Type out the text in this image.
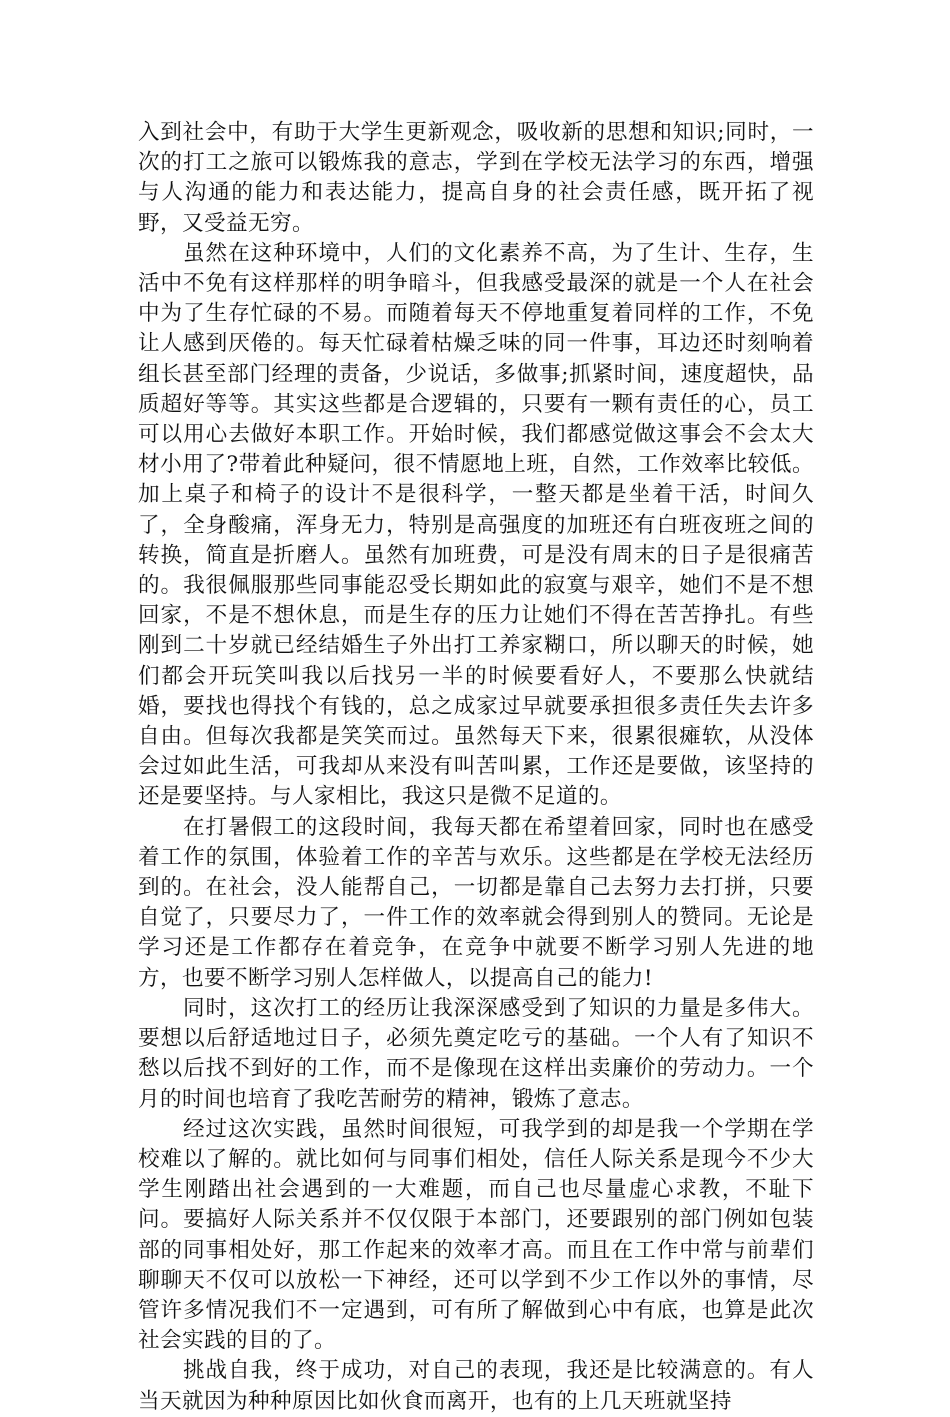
入到社会中，有助于大学生更新观念，吸收新的思想和知识;同时，一次的打工之旅可以锻炼我的意志，学到在学校无法学习的东西，增强与人沟通的能力和表达能力，提高自身的社会责任感，既开拓了视野，又受益无穷。

虽然在这种环境中，人们的文化素养不高，为了生计、生存，生活中不免有这样那样的明争暗斗，但我感受最深的就是一个人在社会中为了生存忙碌的不易。而随着每天不停地重复着同样的工作，不免让人感到厌倦的。每天忙碌着枯燥乏味的同一件事，耳边还时刻响着组长甚至部门经理的责备，少说话，多做事;抓紧时间，速度超快，品质超好等等。其实这些都是合逻辑的，只要有一颗有责任的心，员工可以用心去做好本职工作。开始时候，我们都感觉做这事会不会太大材小用了?带着此种疑问，很不情愿地上班，自然，工作效率比较低。加上桌子和椅子的设计不是很科学，一整天都是坐着干活，时间久了，全身酸痛，浑身无力，特别是高强度的加班还有白班夜班之间的转换，简直是折磨人。虽然有加班费，可是没有周末的日子是很痛苦的。我很佩服那些同事能忍受长期如此的寂寞与艰辛，她们不是不想回家，不是不想休息，而是生存的压力让她们不得在苦苦挣扎。有些刚到二十岁就已经结婚生子外出打工养家糊口，所以聊天的时候，她们都会开玩笑叫我以后找另一半的时候要看好人，不要那么快就结婚，要找也得找个有钱的，总之成家过早就要承担很多责任失去许多自由。但每次我都是笑笑而过。虽然每天下来，很累很瘫软，从没体会过如此生活，可我却从来没有叫苦叫累，工作还是要做，该坚持的还是要坚持。与人家相比，我这只是微不足道的。

在打暑假工的这段时间，我每天都在希望着回家，同时也在感受着工作的氛围，体验着工作的辛苦与欢乐。这些都是在学校无法经历到的。在社会，没人能帮自己，一切都是靠自己去努力去打拼，只要自觉了，只要尽力了，一件工作的效率就会得到别人的赞同。无论是学习还是工作都存在着竞争，在竞争中就要不断学习别人先进的地方，也要不断学习别人怎样做人，以提高自己的能力!

同时，这次打工的经历让我深深感受到了知识的力量是多伟大。要想以后舒适地过日子，必须先奠定吃亏的基础。一个人有了知识不愁以后找不到好的工作，而不是像现在这样出卖廉价的劳动力。一个月的时间也培育了我吃苦耐劳的精神，锻炼了意志。

经过这次实践，虽然时间很短，可我学到的却是我一个学期在学校难以了解的。就比如何与同事们相处，信任人际关系是现今不少大学生刚踏出社会遇到的一大难题，而自己也尽量虚心求教，不耻下问。要搞好人际关系并不仅仅限于本部门，还要跟别的部门例如包装部的同事相处好，那工作起来的效率才高。而且在工作中常与前辈们聊聊天不仅可以放松一下神经，还可以学到不少工作以外的事情，尽管许多情况我们不一定遇到，可有所了解做到心中有底，也算是此次社会实践的目的了。

挑战自我，终于成功，对自己的表现，我还是比较满意的。有人当天就因为种种原因比如伙食而离开，也有的上几天班就坚持
